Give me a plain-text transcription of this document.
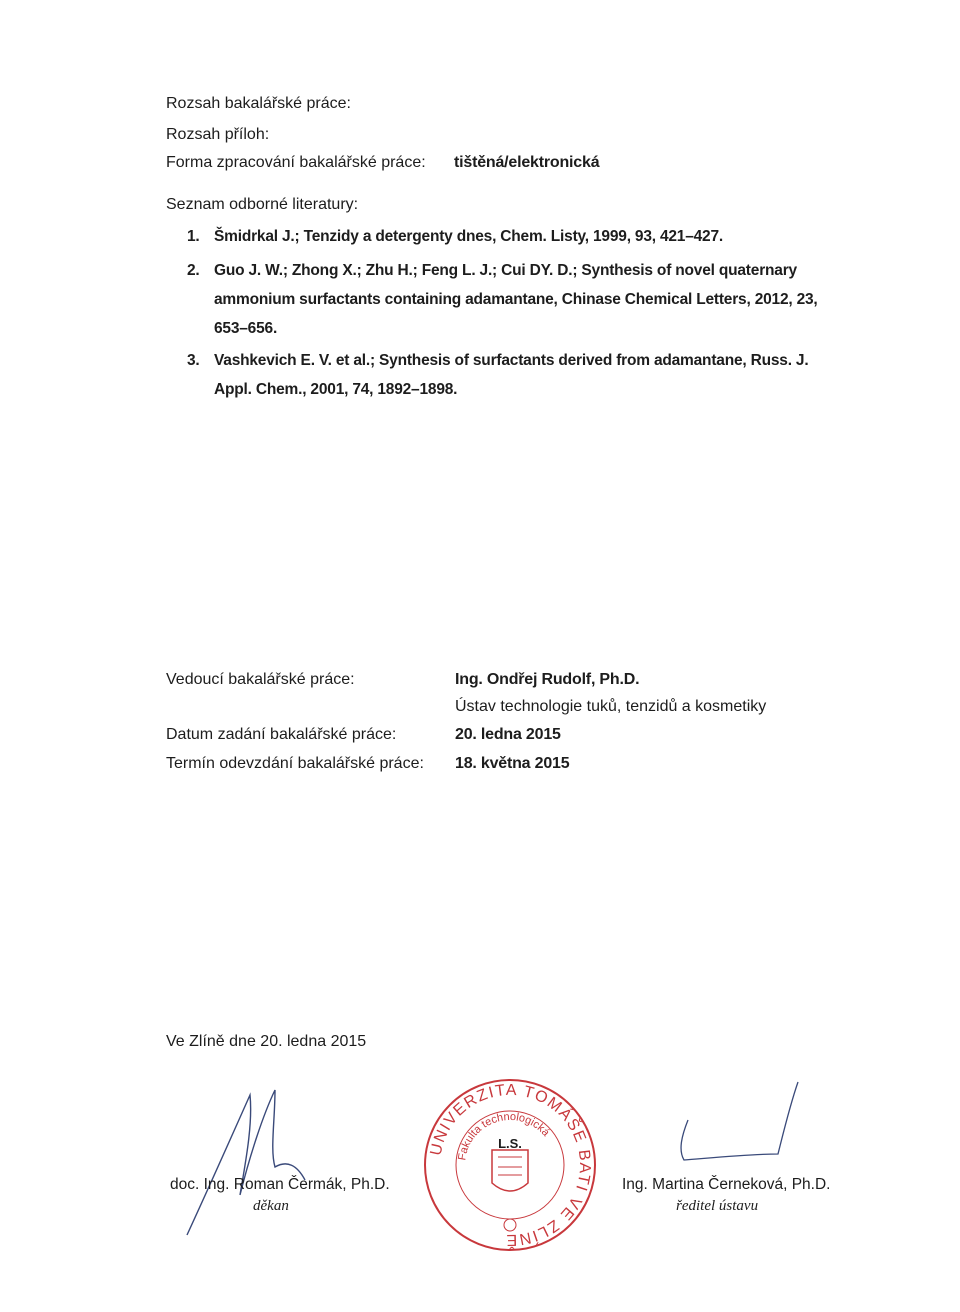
Rozsah bakalářské práce:
Rozsah příloh:
Forma zpracování bakalářské práce: tištěná/elektronická
Seznam odborné literatury:
1. Šmidrkal J.; Tenzidy a detergenty dnes, Chem. Listy, 1999, 93, 421–427.
2. Guo J. W.; Zhong X.; Zhu H.; Feng L. J.; Cui DY. D.; Synthesis of novel quaternary ammonium surfactants containing adamantane, Chinase Chemical Letters, 2012, 23, 653–656.
3. Vashkevich E. V. et al.; Synthesis of surfactants derived from adamantane, Russ. J. Appl. Chem., 2001, 74, 1892–1898.
Vedoucí bakalářské práce:	Ing. Ondřej Rudolf, Ph.D.
Ústav technologie tuků, tenzidů a kosmetiky
Datum zadání bakalářské práce:	20. ledna 2015
Termín odevzdání bakalářské práce: 18. května 2015
Ve Zlíně dne 20. ledna 2015
doc. Ing. Roman Čermák, Ph.D.
děkan
UNIVERZITA TOMÁŠE BATI VE ZLÍNĚ
Fakulta technologická
L.S.
Ing. Martina Černeková, Ph.D.
ředitel ústavu
